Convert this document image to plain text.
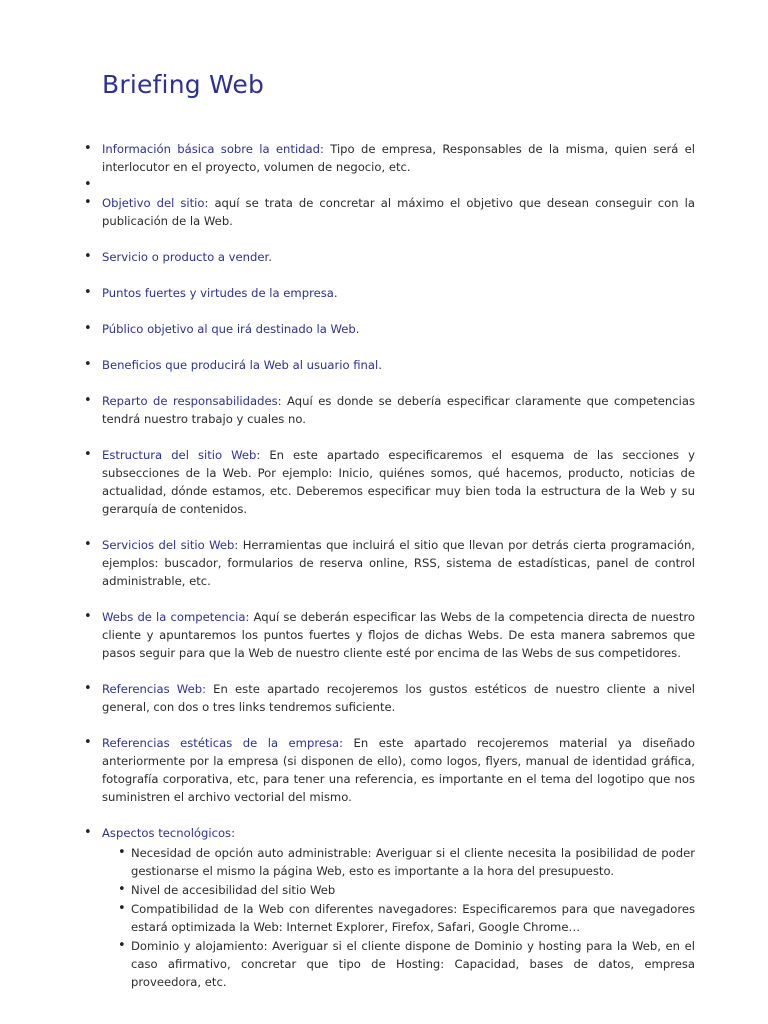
Briefing Web
• Información básica sobre la entidad: Tipo de empresa, Responsables de la misma, quien será el interlocutor en el proyecto, volumen de negocio, etc.
•
• Objetivo del sitio: aquí se trata de concretar al máximo el objetivo que desean conseguir con la publicación de la Web.
• Servicio o producto a vender.
• Puntos fuertes y virtudes de la empresa.
• Público objetivo al que irá destinado la Web.
• Beneficios que producirá la Web al usuario final.
• Reparto de responsabilidades: Aquí es donde se debería especificar claramente que competencias tendrá nuestro trabajo y cuales no.
• Estructura del sitio Web: En este apartado especificaremos el esquema de las secciones y subsecciones de la Web. Por ejemplo: Inicio, quiénes somos, qué hacemos, producto, noticias de actualidad, dónde estamos, etc. Deberemos especificar muy bien toda la estructura de la Web y su gerarquía de contenidos.
• Servicios del sitio Web: Herramientas que incluirá el sitio que llevan por detrás cierta programación, ejemplos: buscador, formularios de reserva online, RSS, sistema de estadísticas, panel de control administrable, etc.
• Webs de la competencia: Aquí se deberán especificar las Webs de la competencia directa de nuestro cliente y apuntaremos los puntos fuertes y flojos de dichas Webs. De esta manera sabremos que pasos seguir para que la Web de nuestro cliente esté por encima de las Webs de sus competidores.
• Referencias Web: En este apartado recojeremos los gustos estéticos de nuestro cliente a nivel general, con dos o tres links tendremos suficiente.
• Referencias estéticas de la empresa: En este apartado recojeremos material ya diseñado anteriormente por la empresa (si disponen de ello), como logos, flyers, manual de identidad gráfica, fotografía corporativa, etc, para tener una referencia, es importante en el tema del logotipo que nos suministren el archivo vectorial del mismo.
• Aspectos tecnológicos:
• Necesidad de opción auto administrable: Averiguar si el cliente necesita la posibilidad de poder gestionarse el mismo la página Web, esto es importante a la hora del presupuesto.
• Nivel de accesibilidad del sitio Web
• Compatibilidad de la Web con diferentes navegadores: Especificaremos para que navegadores estará optimizada la Web: Internet Explorer, Firefox, Safari, Google Chrome…
• Dominio y alojamiento: Averiguar si el cliente dispone de Dominio y hosting para la Web, en el caso afirmativo, concretar que tipo de Hosting: Capacidad, bases de datos, empresa proveedora, etc.
